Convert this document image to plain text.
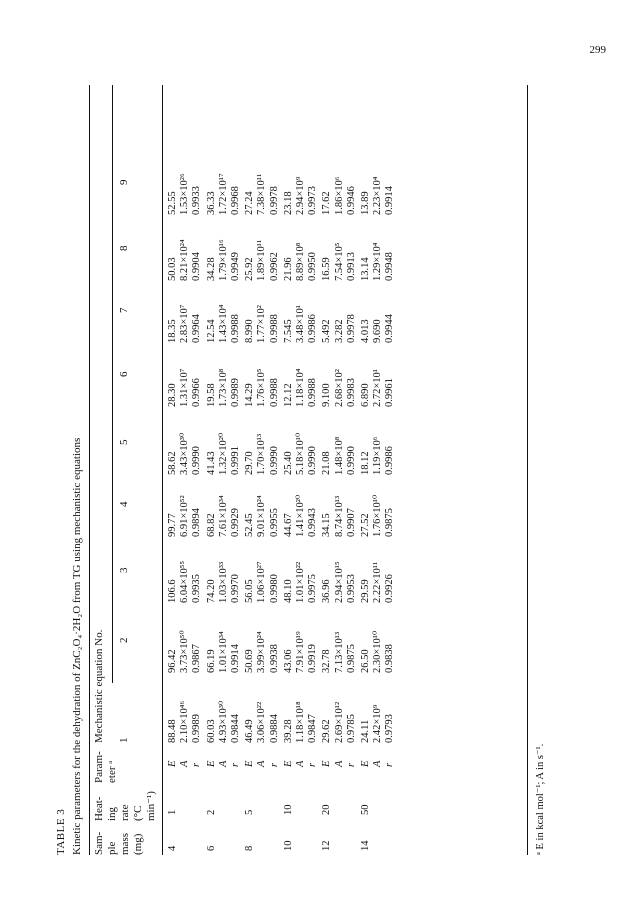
299
TABLE 3 Kinetic parameters for the dehydration of ZnC₂O₄·2H₂O from TG using mechanistic equations Sam- ple mass (mg)
Heat- ing rate (°C min⁻¹)
Param- eter ᵃ
Mechanistic equation No. 1
2
3
4
5
6
7
8
9
4
1
E
88.48
96.42
106.6
99.77
58.62
28.30
18.35
50.03
52.55
A
2.10×10⁴⁶
3.73×10⁵⁰
6.04×10⁵⁵
6.91×10⁵²
3.43×10³⁰
1.31×10⁷
2.83×10⁷
8.21×10²⁴
1.53×10²⁶
r
0.9989
0.9867
0.9935
0.9894
0.9990
0.9966
0.9964
0.9904
0.9933
6
2
E
60.03
66.19
74.20
68.82
41.43
19.58
12.54
34.28
36.33
A
4.93×10³⁰
1.01×10³⁴
1.03×10³³
7.61×10³⁴
1.32×10²⁰
1.73×10⁸
1.43×10⁴
1.79×10¹⁶
1.72×10¹⁷
r
0.9844
0.9914
0.9970
0.9929
0.9991
0.9989
0.9988
0.9949
0.9968
8
5
E
46.49
50.69
56.05
52.45
29.70
14.29
8.990
25.92
27.24
A
3.06×10²²
3.99×10²⁴
1.06×10²⁷
9.01×10²⁴
1.70×10¹³
1.76×10⁵
1.77×10²
1.89×10¹¹
7.38×10¹¹
r
0.9884
0.9938
0.9980
0.9955
0.9990
0.9988
0.9988
0.9962
0.9978
10
10
E
39.28
43.06
48.10
44.67
25.40
12.12
7.545
21.96
23.18
A
1.18×10¹⁸
7.91×10¹⁹
1.01×10²²
1.41×10²⁰
5.18×10¹⁰
1.18×10⁴
3.48×10¹
8.89×10⁸
2.94×10⁹
r
0.9847
0.9919
0.9975
0.9943
0.9990
0.9988
0.9986
0.9950
0.9973
12
20
E
29.62
32.78
36.96
34.15
21.08
9.100
5.492
16.59
17.62
A
2.69×10¹²
7.13×10¹³
2.94×10¹⁵
8.74×10¹³
1.48×10⁸
2.68×10²
3.282
7.54×10⁵
1.86×10⁶
r
0.9785
0.9875
0.9953
0.9907
0.9990
0.9983
0.9978
0.9913
0.9946
14
50
E
24.11
26.50
29.59
27.52
18.12
6.890
4.013
13.14
13.89
A
2.42×10⁹
2.30×10¹⁰
2.22×10¹¹
1.76×10¹⁰
1.19×10⁶
2.72×10¹
9.690
1.29×10⁴
2.23×10⁴
r
0.9793
0.9838
0.9926
0.9875
0.9986
0.9961
0.9944
0.9948
0.9914
ᵃ E in kcal mol⁻¹; A in s⁻¹.
